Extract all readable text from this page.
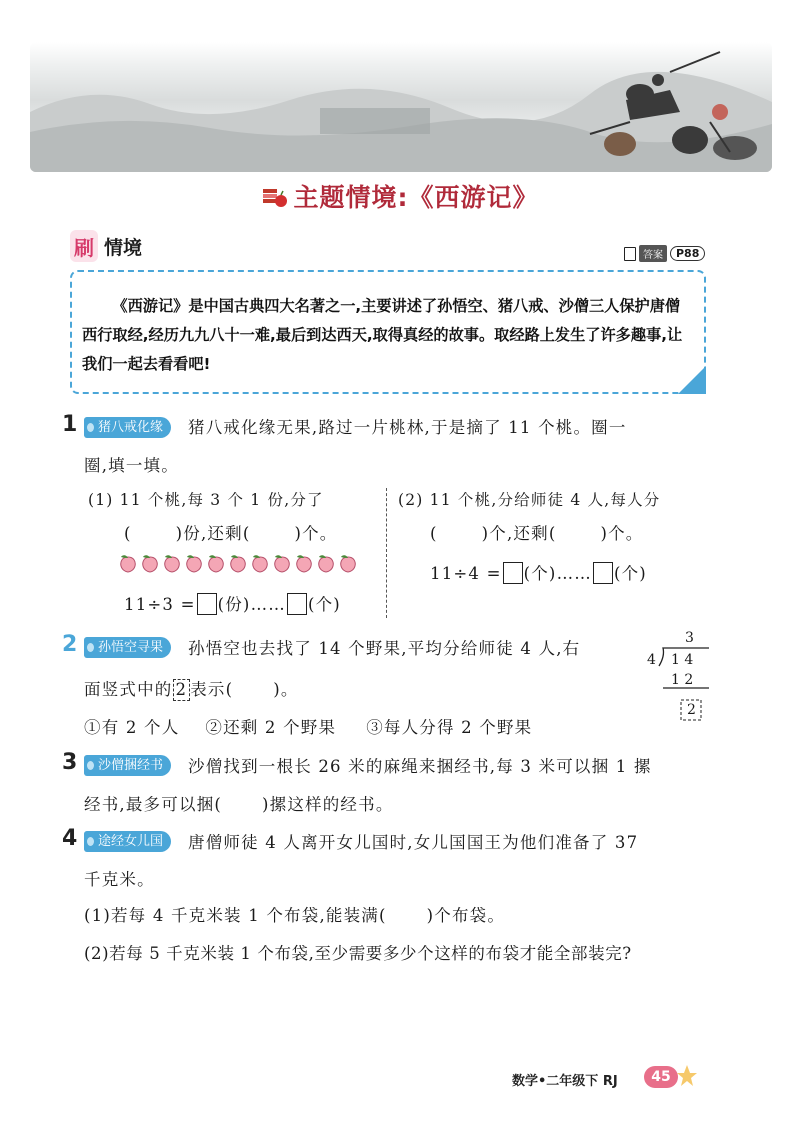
主题情境:《西游记》
刷 情境	答案	P88
《西游记》是中国古典四大名著之一,主要讲述了孙悟空、猪八戒、沙僧三人保护唐僧西行取经,经历九九八十一难,最后到达西天,取得真经的故事。取经路上发生了许多趣事,让我们一起去看看吧!
1	猪八戒化缘	猪八戒化缘无果,路过一片桃林,于是摘了 11 个桃。圈一
圈,填一填。
(1) 11 个桃,每 3 个 1 份,分了
(	)份,还剩(	)个。
11÷3 = (份)…… (个)
(2) 11 个桃,分给师徒 4 人,每人分
(	)个,还剩(	)个。
11÷4 = (个)…… (个)
2	孙悟空寻果	孙悟空也去找了 14 个野果,平均分给师徒 4 人,右
面竖式中的 2 表示( )。
①有 2 个人 ②还剩 2 个野果 ③每人分得 2 个野果
3
4 1 4
1 2
2
3	沙僧捆经书	沙僧找到一根长 26 米的麻绳来捆经书,每 3 米可以捆 1 摞
经书,最多可以捆( )摞这样的经书。
4	途经女儿国	唐僧师徒 4 人离开女儿国时,女儿国国王为他们准备了 37
千克米。
(1)若每 4 千克米装 1 个布袋,能装满( )个布袋。
(2)若每 5 千克米装 1 个布袋,至少需要多少个这样的布袋才能全部装完?
数学•二年级下 RJ	45
